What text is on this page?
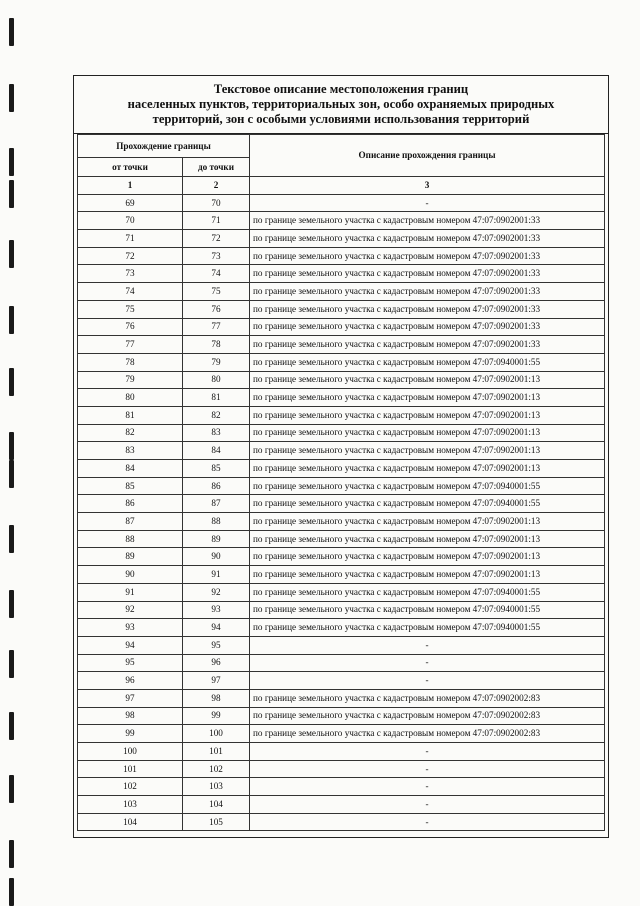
Текстовое описание местоположения границ
населенных пунктов, территориальных зон, особо охраняемых природных
территорий, зон с особыми условиями использования территорий
Прохождение границы		Описание прохождения границы
от точки	до точки	
1	2	3
69	70	-
70	71	по границе земельного участка с кадастровым номером 47:07:0902001:33
71	72	по границе земельного участка с кадастровым номером 47:07:0902001:33
72	73	по границе земельного участка с кадастровым номером 47:07:0902001:33
73	74	по границе земельного участка с кадастровым номером 47:07:0902001:33
74	75	по границе земельного участка с кадастровым номером 47:07:0902001:33
75	76	по границе земельного участка с кадастровым номером 47:07:0902001:33
76	77	по границе земельного участка с кадастровым номером 47:07:0902001:33
77	78	по границе земельного участка с кадастровым номером 47:07:0902001:33
78	79	по границе земельного участка с кадастровым номером 47:07:0940001:55
79	80	по границе земельного участка с кадастровым номером 47:07:0902001:13
80	81	по границе земельного участка с кадастровым номером 47:07:0902001:13
81	82	по границе земельного участка с кадастровым номером 47:07:0902001:13
82	83	по границе земельного участка с кадастровым номером 47:07:0902001:13
83	84	по границе земельного участка с кадастровым номером 47:07:0902001:13
84	85	по границе земельного участка с кадастровым номером 47:07:0902001:13
85	86	по границе земельного участка с кадастровым номером 47:07:0940001:55
86	87	по границе земельного участка с кадастровым номером 47:07:0940001:55
87	88	по границе земельного участка с кадастровым номером 47:07:0902001:13
88	89	по границе земельного участка с кадастровым номером 47:07:0902001:13
89	90	по границе земельного участка с кадастровым номером 47:07:0902001:13
90	91	по границе земельного участка с кадастровым номером 47:07:0902001:13
91	92	по границе земельного участка с кадастровым номером 47:07:0940001:55
92	93	по границе земельного участка с кадастровым номером 47:07:0940001:55
93	94	по границе земельного участка с кадастровым номером 47:07:0940001:55
94	95	-
95	96	-
96	97	-
97	98	по границе земельного участка с кадастровым номером 47:07:0902002:83
98	99	по границе земельного участка с кадастровым номером 47:07:0902002:83
99	100	по границе земельного участка с кадастровым номером 47:07:0902002:83
100	101	-
101	102	-
102	103	-
103	104	-
104	105	-
